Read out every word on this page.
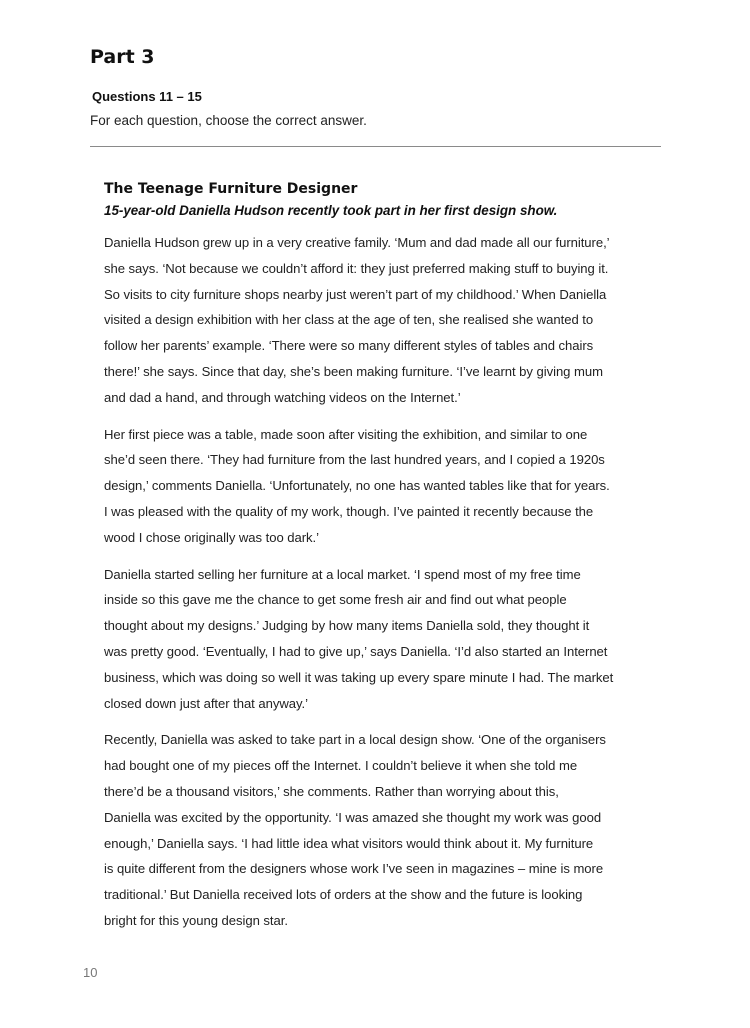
Part 3
Questions 11 – 15
For each question, choose the correct answer.
The Teenage Furniture Designer
15-year-old Daniella Hudson recently took part in her first design show.
Daniella Hudson grew up in a very creative family. ‘Mum and dad made all our furniture,’
she says. ‘Not because we couldn’t afford it: they just preferred making stuff to buying it.
So visits to city furniture shops nearby just weren’t part of my childhood.’ When Daniella
visited a design exhibition with her class at the age of ten, she realised she wanted to
follow her parents’ example. ‘There were so many different styles of tables and chairs
there!’ she says. Since that day, she’s been making furniture. ‘I’ve learnt by giving mum
and dad a hand, and through watching videos on the Internet.’
Her first piece was a table, made soon after visiting the exhibition, and similar to one
she’d seen there. ‘They had furniture from the last hundred years, and I copied a 1920s
design,’ comments Daniella. ‘Unfortunately, no one has wanted tables like that for years.
I was pleased with the quality of my work, though. I’ve painted it recently because the
wood I chose originally was too dark.’
Daniella started selling her furniture at a local market. ‘I spend most of my free time
inside so this gave me the chance to get some fresh air and find out what people
thought about my designs.’ Judging by how many items Daniella sold, they thought it
was pretty good. ‘Eventually, I had to give up,’ says Daniella. ‘I’d also started an Internet
business, which was doing so well it was taking up every spare minute I had. The market
closed down just after that anyway.’
Recently, Daniella was asked to take part in a local design show. ‘One of the organisers
had bought one of my pieces off the Internet. I couldn’t believe it when she told me
there’d be a thousand visitors,’ she comments. Rather than worrying about this,
Daniella was excited by the opportunity. ‘I was amazed she thought my work was good
enough,’ Daniella says. ‘I had little idea what visitors would think about it. My furniture
is quite different from the designers whose work I’ve seen in magazines – mine is more
traditional.’ But Daniella received lots of orders at the show and the future is looking
bright for this young design star.
10
